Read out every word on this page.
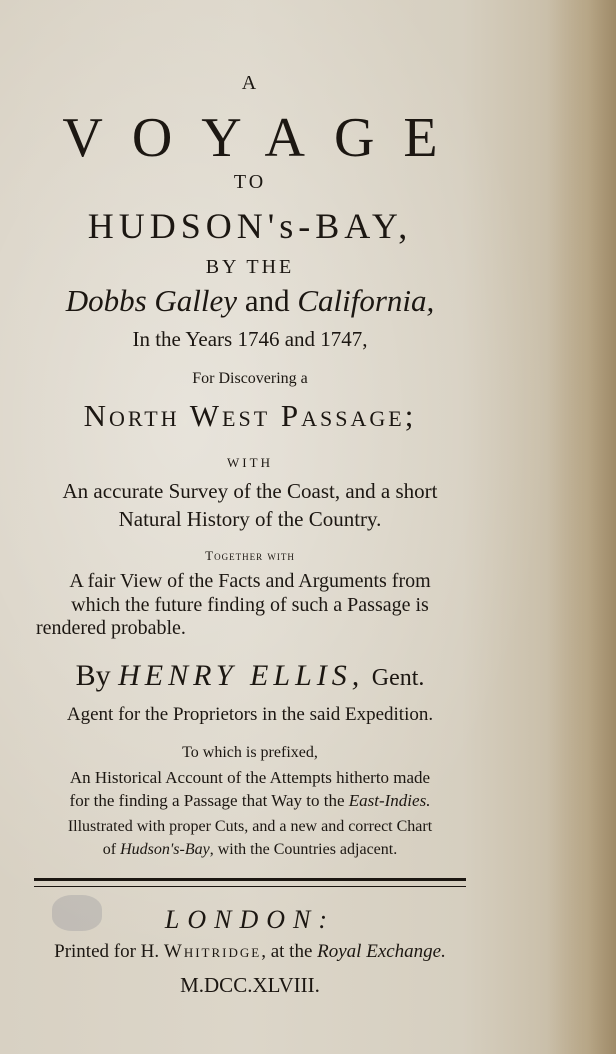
A
VOYAGE
TO
HUDSON's-BAY,
BY THE
Dobbs Galley and California,
In the Years 1746 and 1747,
For Discovering a
North West Passage;
WITH
An accurate Survey of the Coast, and a short
Natural History of the Country.
Together with
A fair View of the Facts and Arguments from
which the future finding of such a Passage is
rendered probable.
By HENRY ELLIS, Gent.
Agent for the Proprietors in the said Expedition.
To which is prefixed,
An Historical Account of the Attempts hitherto made
for the finding a Passage that Way to the East-Indies.
Illustrated with proper Cuts, and a new and correct Chart
of Hudson's-Bay, with the Countries adjacent.
LONDON:
Printed for H. Whitridge, at the Royal Exchange.
M.DCC.XLVIII.
